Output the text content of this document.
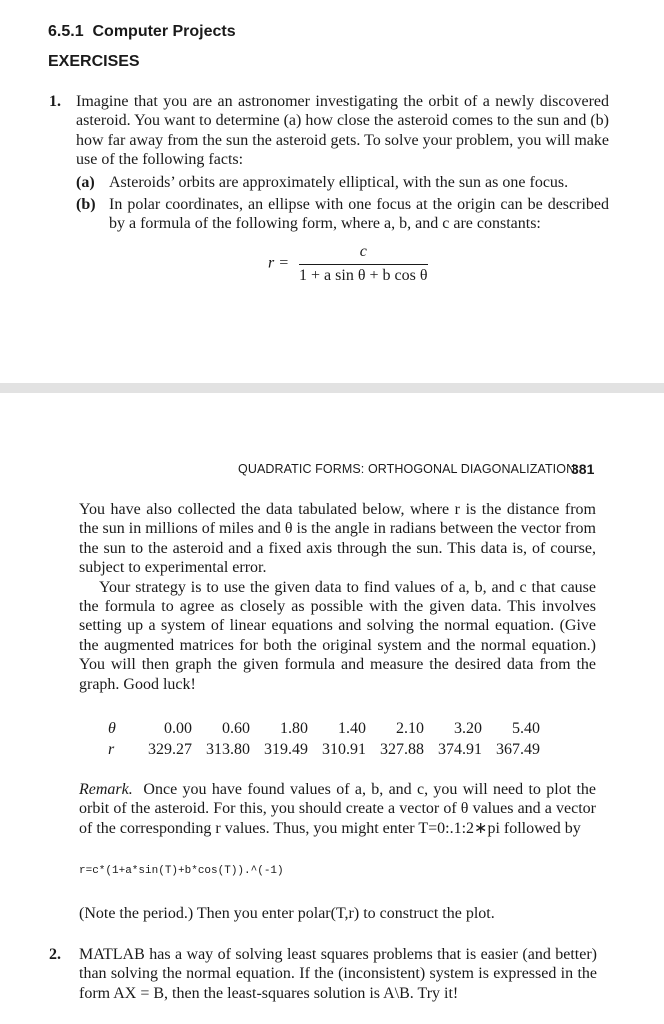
6.5.1 Computer Projects
EXERCISES
1. Imagine that you are an astronomer investigating the orbit of a newly discovered asteroid. You want to determine (a) how close the asteroid comes to the sun and (b) how far away from the sun the asteroid gets. To solve your problem, you will make use of the following facts:
(a) Asteroids’ orbits are approximately elliptical, with the sun as one focus.
(b) In polar coordinates, an ellipse with one focus at the origin can be described by a formula of the following form, where a, b, and c are constants:
$r = \frac{c}{\text{1 + a sin θ + b cos θ}}$
QUADRATIC FORMS: ORTHOGONAL DIAGONALIZATION
381
You have also collected the data tabulated below, where r is the distance from the sun in millions of miles and θ is the angle in radians between the vector from the sun to the asteroid and a fixed axis through the sun. This data is, of course, subject to experimental error.
Your strategy is to use the given data to find values of a, b, and c that cause the formula to agree as closely as possible with the given data. This involves setting up a system of linear equations and solving the normal equation. (Give the augmented matrices for both the original system and the normal equation.) You will then graph the given formula and measure the desired data from the graph. Good luck!
θ	0.00	0.60	1.80	1.40	2.10	3.20	5.40
r	329.27	313.80	319.49	310.91	327.88	374.91	367.49
Remark. Once you have found values of a, b, and c, you will need to plot the orbit of the asteroid. For this, you should create a vector of θ values and a vector of the corresponding r values. Thus, you might enter T=0:.1:2∗pi followed by
r=c*(1+a*sin(T)+b*cos(T)).^(-1)
(Note the period.) Then you enter polar(T,r) to construct the plot.
2. MATLAB has a way of solving least squares problems that is easier (and better) than solving the normal equation. If the (inconsistent) system is expressed in the form AX = B, then the least-squares solution is A\B. Try it!
